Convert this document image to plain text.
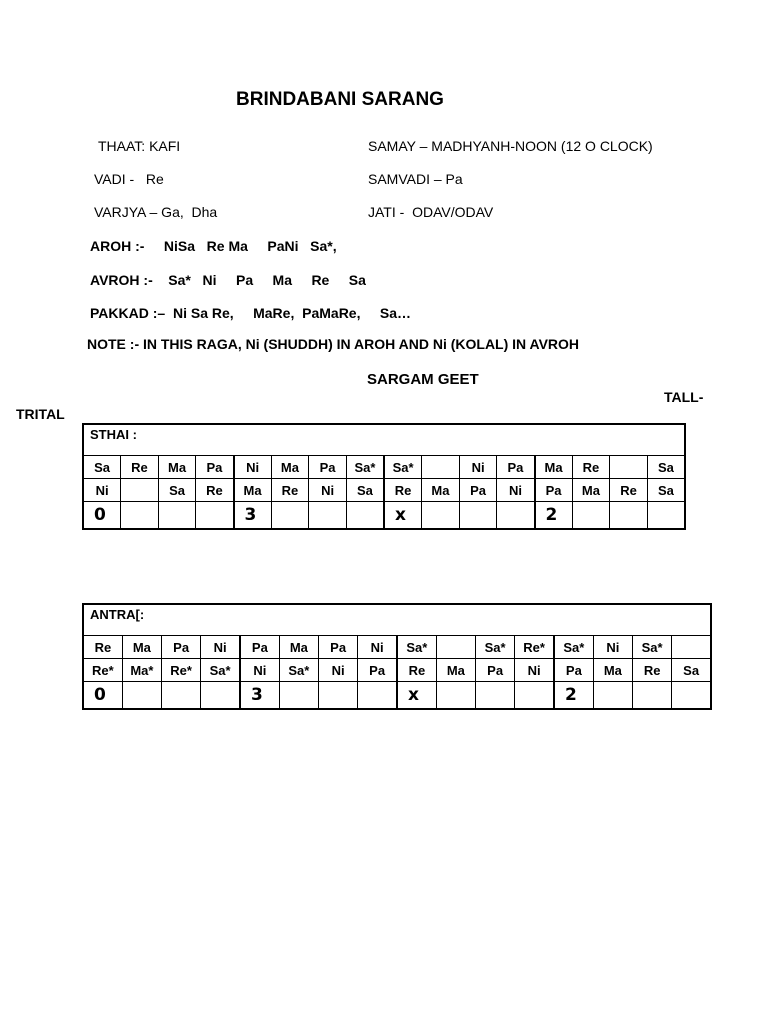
BRINDABANI SARANG
THAAT: KAFI	SAMAY – MADHYANH-NOON (12 O CLOCK)
VADI -   Re	SAMVADI – Pa
VARJYA – Ga,  Dha	JATI -  ODAV/ODAV
AROH :-     NiSa   Re Ma     PaNi   Sa*,
AVROH :-    Sa*   Ni     Pa     Ma     Re     Sa
PAKKAD :–  Ni Sa Re,     MaRe,  PaMaRe,     Sa…
NOTE :- IN THIS RAGA, Ni (SHUDDH) IN AROH AND Ni (KOLAL) IN AVROH
SARGAM GEET
TALL-
TRITAL
STHAI :															
Sa	Re	Ma	Pa	Ni	Ma	Pa	Sa*	Sa*		Ni	Pa	Ma	Re		Sa
Ni		Sa	Re	Ma	Re	Ni	Sa	Re	Ma	Pa	Ni	Pa	Ma	Re	Sa
0				3				x				2			
ANTRA[:															
Re	Ma	Pa	Ni	Pa	Ma	Pa	Ni	Sa*		Sa*	Re*	Sa*	Ni	Sa*	
Re*	Ma*	Re*	Sa*	Ni	Sa*	Ni	Pa	Re	Ma	Pa	Ni	Pa	Ma	Re	Sa
0				3				x				2			
